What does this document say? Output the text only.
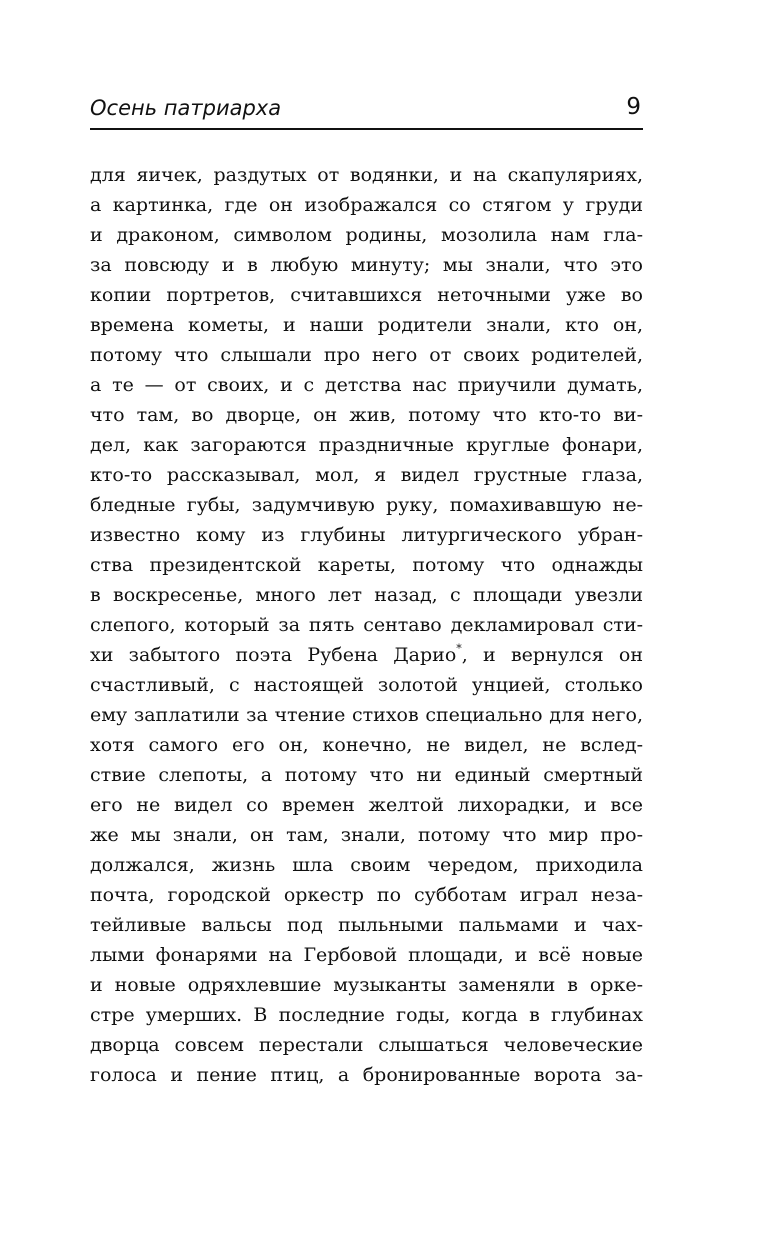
Осень патриарха	9
для яичек, раздутых от водянки, и на скапуляриях,
а картинка, где он изображался со стягом у груди
и драконом, символом родины, мозолила нам гла-
за повсюду и в любую минуту; мы знали, что это
копии портретов, считавшихся неточными уже во
времена кометы, и наши родители знали, кто он,
потому что слышали про него от своих родителей,
а те — от своих, и с детства нас приучили думать,
что там, во дворце, он жив, потому что кто-то ви-
дел, как загораются праздничные круглые фонари,
кто-то рассказывал, мол, я видел грустные глаза,
бледные губы, задумчивую руку, помахивавшую не-
известно кому из глубины литургического убран-
ства президентской кареты, потому что однажды
в воскресенье, много лет назад, с площади увезли
слепого, который за пять сентаво декламировал сти-
хи забытого поэта Рубена Дарио*, и вернулся он
счастливый, с настоящей золотой унцией, столько
ему заплатили за чтение стихов специально для него,
хотя самого его он, конечно, не видел, не вслед-
ствие слепоты, а потому что ни единый смертный
его не видел со времен желтой лихорадки, и все
же мы знали, он там, знали, потому что мир про-
должался, жизнь шла своим чередом, приходила
почта, городской оркестр по субботам играл неза-
тейливые вальсы под пыльными пальмами и чах-
лыми фонарями на Гербовой площади, и всё новые
и новые одряхлевшие музыканты заменяли в орке-
стре умерших. В последние годы, когда в глубинах
дворца совсем перестали слышаться человеческие
голоса и пение птиц, а бронированные ворота за-
